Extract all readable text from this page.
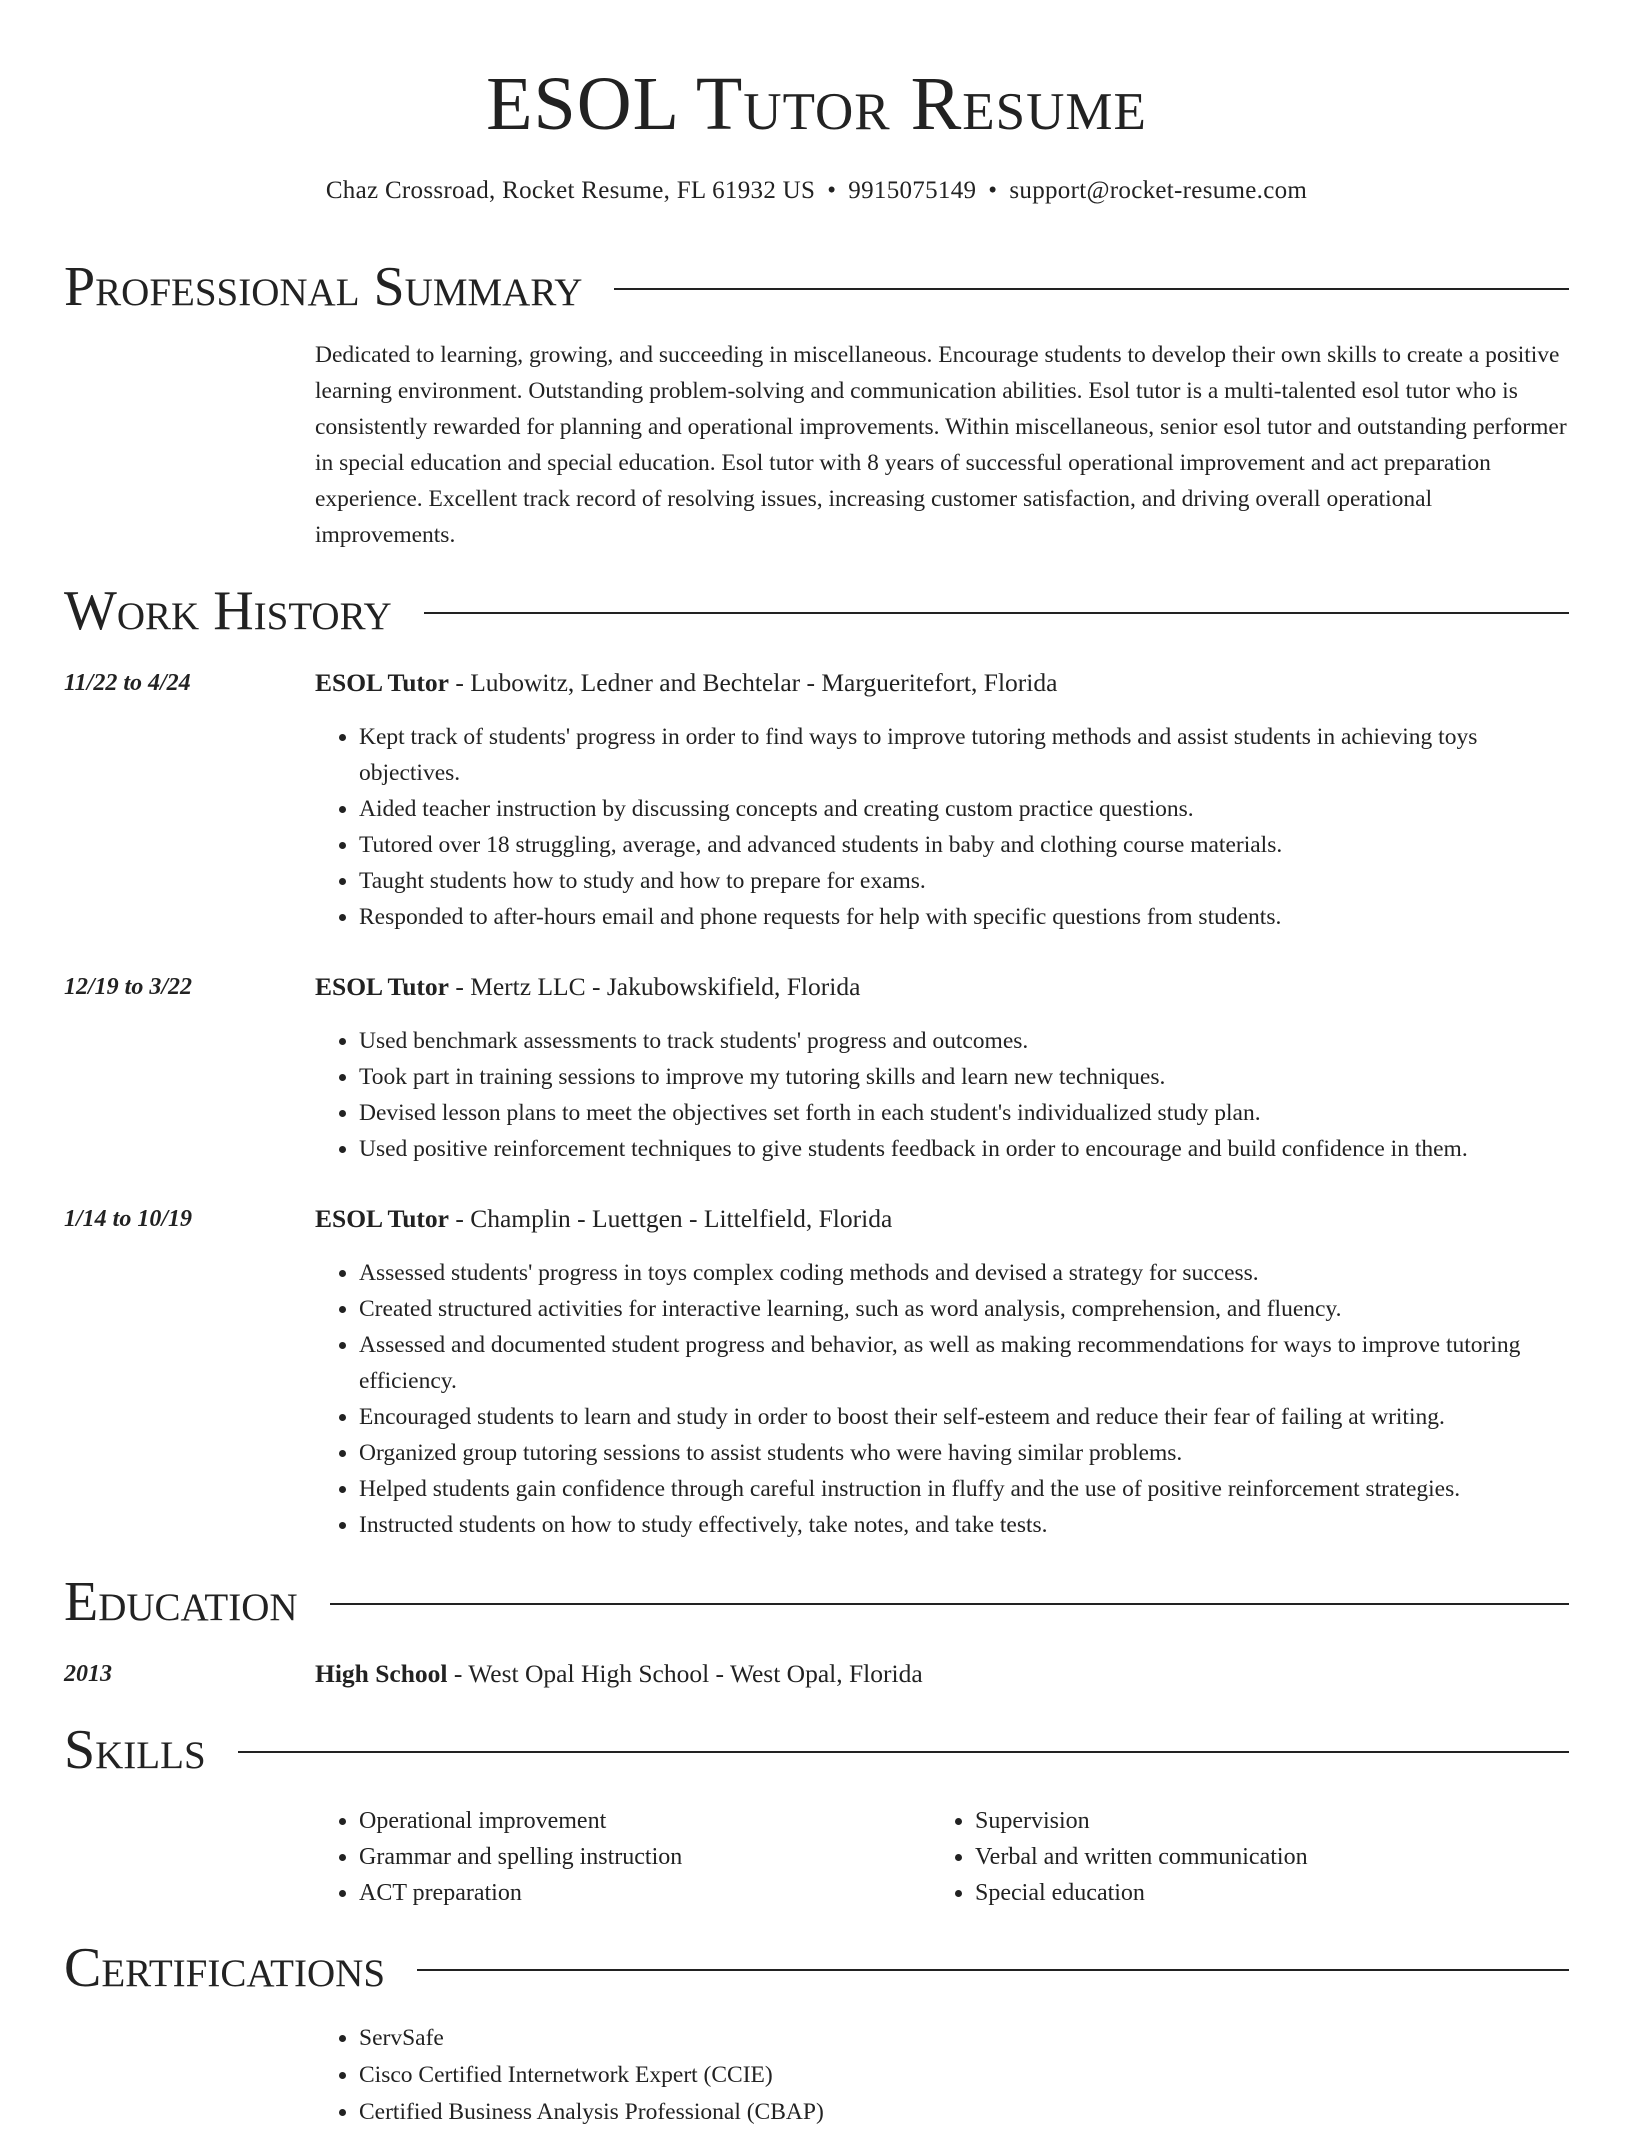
ESOL Tutor Resume
Chaz Crossroad, Rocket Resume, FL 61932 US • 9915075149 • support@rocket-resume.com
Professional Summary

Dedicated to learning, growing, and succeeding in miscellaneous. Encourage students to develop their own skills to create a positive learning environment. Outstanding problem-solving and communication abilities. Esol tutor is a multi-talented esol tutor who is consistently rewarded for planning and operational improvements. Within miscellaneous, senior esol tutor and outstanding performer in special education and special education. Esol tutor with 8 years of successful operational improvement and act preparation experience. Excellent track record of resolving issues, increasing customer satisfaction, and driving overall operational improvements.

Work History
11/22 to 4/24	ESOL Tutor - Lubowitz, Ledner and Bechtelar - Margueritefort, Florida

• Kept track of students' progress in order to find ways to improve tutoring methods and assist students in achieving toys objectives.
• Aided teacher instruction by discussing concepts and creating custom practice questions.
• Tutored over 18 struggling, average, and advanced students in baby and clothing course materials.
• Taught students how to study and how to prepare for exams.
• Responded to after-hours email and phone requests for help with specific questions from students.
12/19 to 3/22	ESOL Tutor - Mertz LLC - Jakubowskifield, Florida

• Used benchmark assessments to track students' progress and outcomes.
• Took part in training sessions to improve my tutoring skills and learn new techniques.
• Devised lesson plans to meet the objectives set forth in each student's individualized study plan.
• Used positive reinforcement techniques to give students feedback in order to encourage and build confidence in them.
1/14 to 10/19	ESOL Tutor - Champlin - Luettgen - Littelfield, Florida

• Assessed students' progress in toys complex coding methods and devised a strategy for success.
• Created structured activities for interactive learning, such as word analysis, comprehension, and fluency.
• Assessed and documented student progress and behavior, as well as making recommendations for ways to improve tutoring efficiency.
• Encouraged students to learn and study in order to boost their self-esteem and reduce their fear of failing at writing.
• Organized group tutoring sessions to assist students who were having similar problems.
• Helped students gain confidence through careful instruction in fluffy and the use of positive reinforcement strategies.
• Instructed students on how to study effectively, take notes, and take tests.
Education
2013	High School - West Opal High School - West Opal, Florida

Skills
• Operational improvement
• Grammar and spelling instruction
• ACT preparation
• Supervision
• Verbal and written communication
• Special education
Certifications
• ServSafe
• Cisco Certified Internetwork Expert (CCIE)
• Certified Business Analysis Professional (CBAP)
